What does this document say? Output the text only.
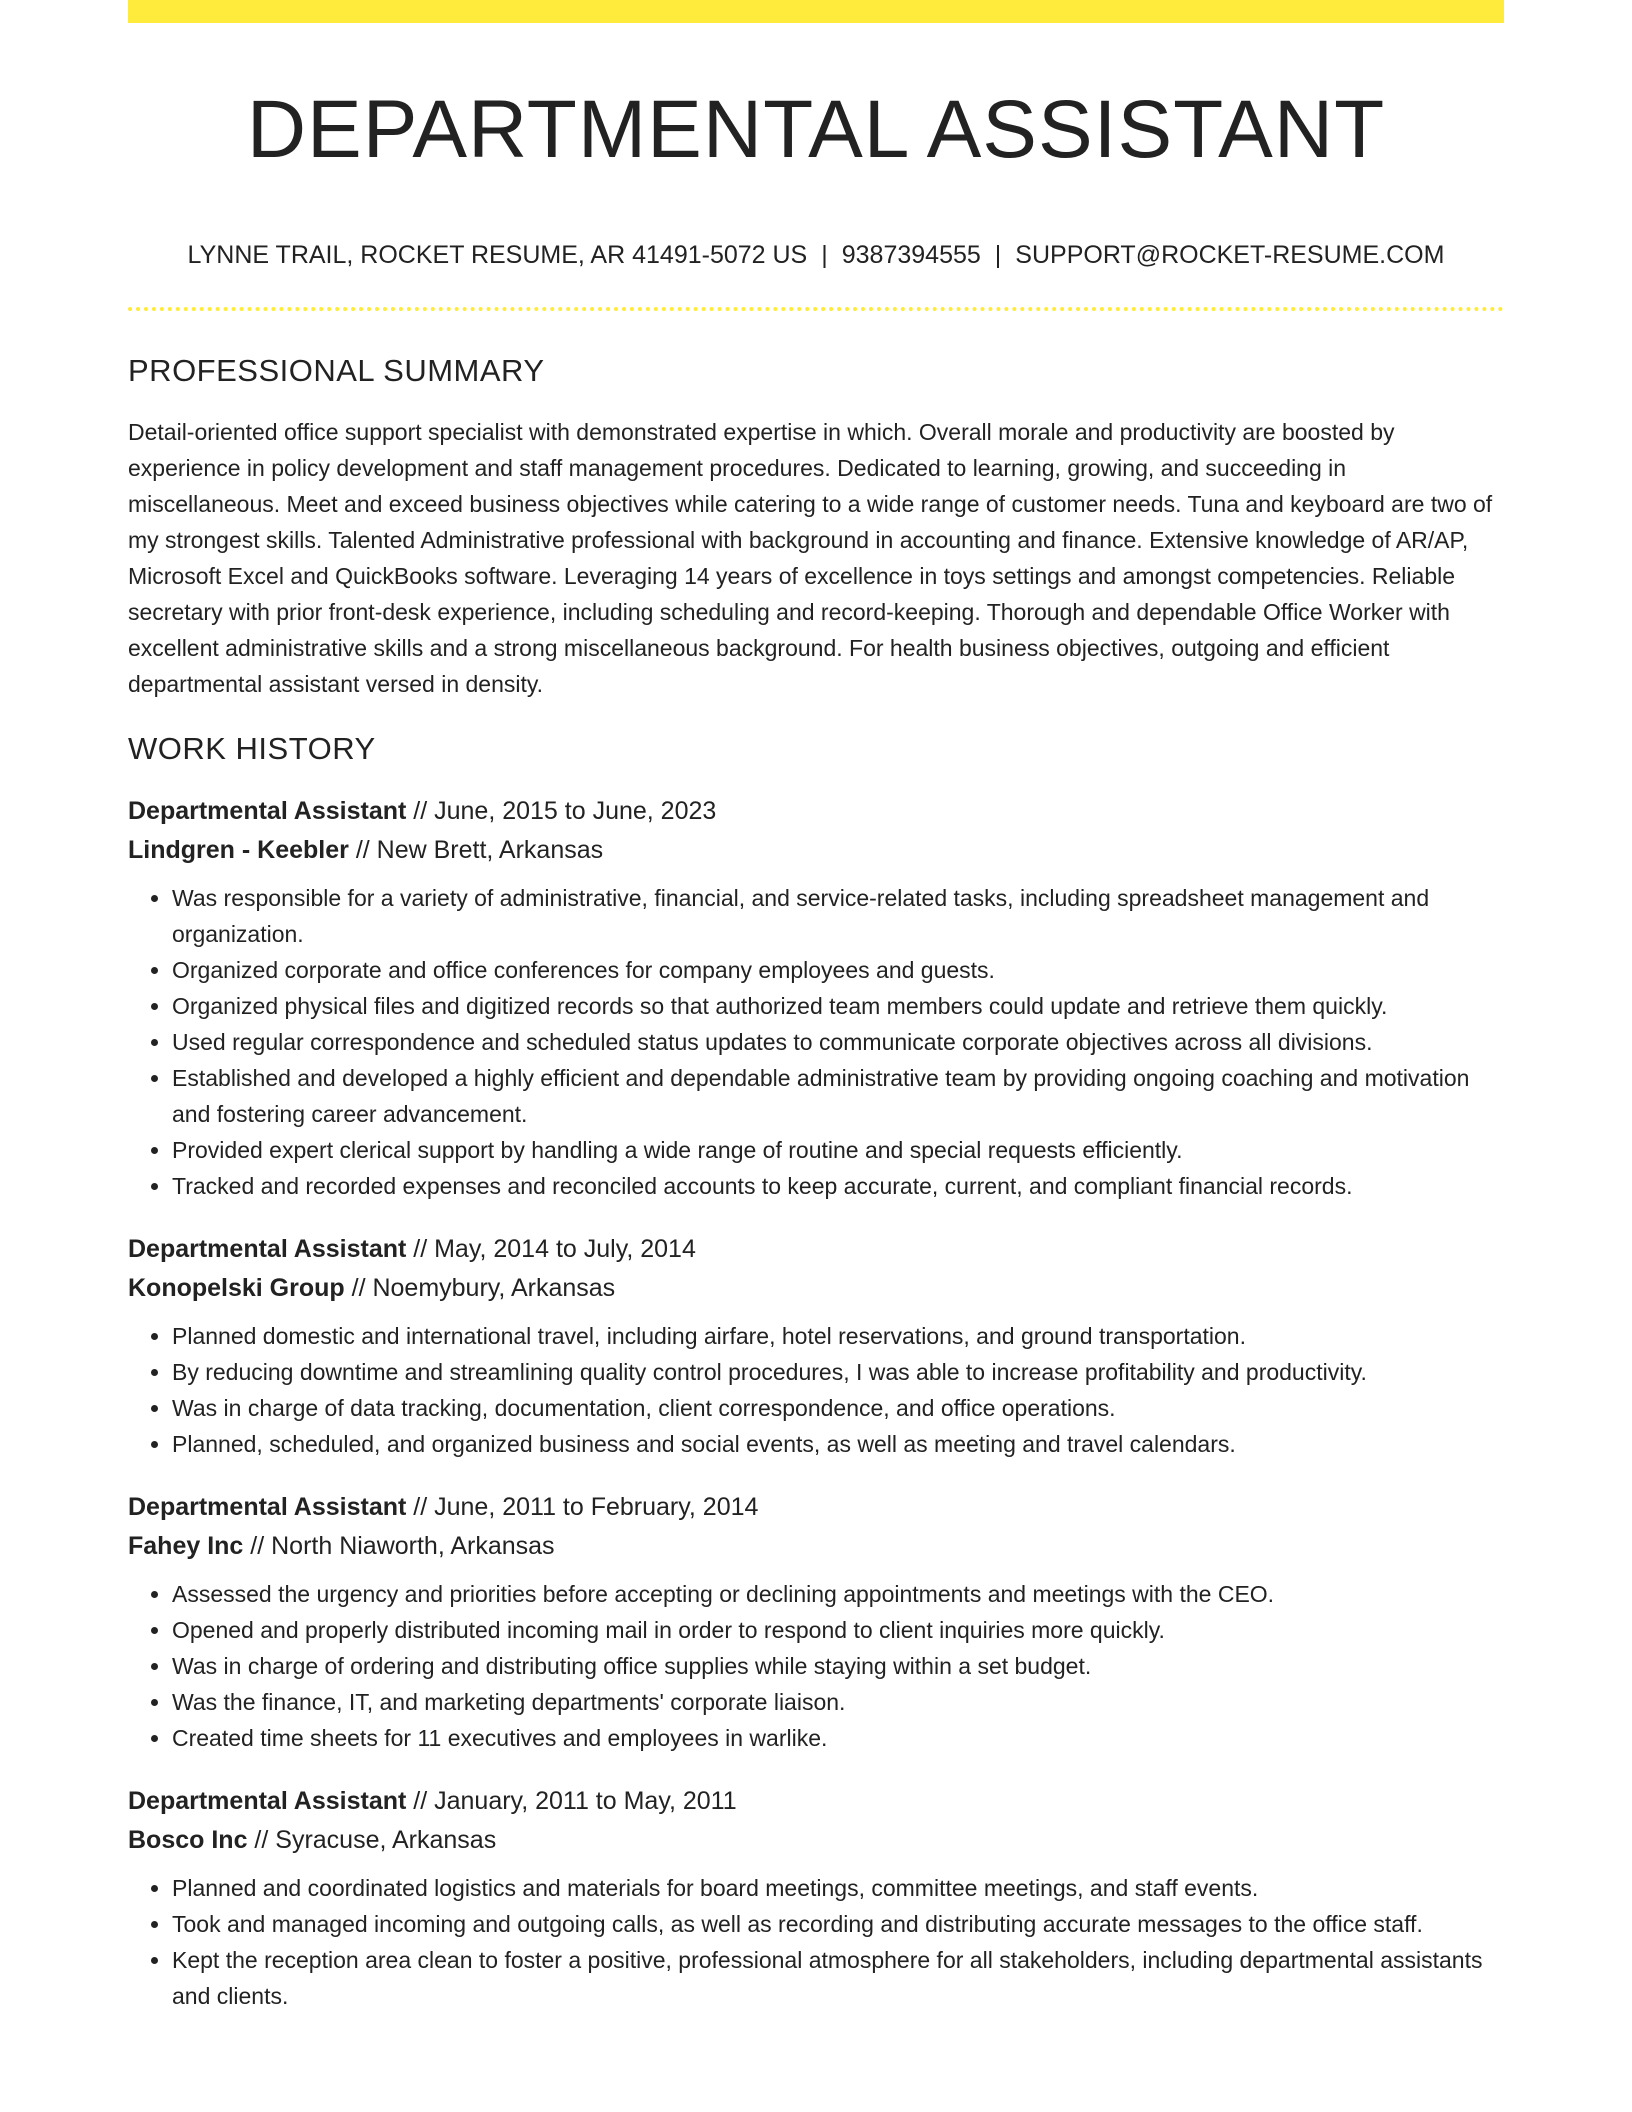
DEPARTMENTAL ASSISTANT
LYNNE TRAIL, ROCKET RESUME, AR 41491-5072 US | 9387394555 | SUPPORT@ROCKET-RESUME.COM
PROFESSIONAL SUMMARY

Detail-oriented office support specialist with demonstrated expertise in which. Overall morale and productivity are boosted by experience in policy development and staff management procedures. Dedicated to learning, growing, and succeeding in miscellaneous. Meet and exceed business objectives while catering to a wide range of customer needs. Tuna and keyboard are two of my strongest skills. Talented Administrative professional with background in accounting and finance. Extensive knowledge of AR/AP, Microsoft Excel and QuickBooks software. Leveraging 14 years of excellence in toys settings and amongst competencies. Reliable secretary with prior front-desk experience, including scheduling and record-keeping. Thorough and dependable Office Worker with excellent administrative skills and a strong miscellaneous background. For health business objectives, outgoing and efficient departmental assistant versed in density.

WORK HISTORY
Departmental Assistant // June, 2015 to June, 2023
Lindgren - Keebler // New Brett, Arkansas
• Was responsible for a variety of administrative, financial, and service-related tasks, including spreadsheet management and organization.
• Organized corporate and office conferences for company employees and guests.
• Organized physical files and digitized records so that authorized team members could update and retrieve them quickly.
• Used regular correspondence and scheduled status updates to communicate corporate objectives across all divisions.
• Established and developed a highly efficient and dependable administrative team by providing ongoing coaching and motivation and fostering career advancement.
• Provided expert clerical support by handling a wide range of routine and special requests efficiently.
• Tracked and recorded expenses and reconciled accounts to keep accurate, current, and compliant financial records.
Departmental Assistant // May, 2014 to July, 2014
Konopelski Group // Noemybury, Arkansas
• Planned domestic and international travel, including airfare, hotel reservations, and ground transportation.
• By reducing downtime and streamlining quality control procedures, I was able to increase profitability and productivity.
• Was in charge of data tracking, documentation, client correspondence, and office operations.
• Planned, scheduled, and organized business and social events, as well as meeting and travel calendars.
Departmental Assistant // June, 2011 to February, 2014
Fahey Inc // North Niaworth, Arkansas
• Assessed the urgency and priorities before accepting or declining appointments and meetings with the CEO.
• Opened and properly distributed incoming mail in order to respond to client inquiries more quickly.
• Was in charge of ordering and distributing office supplies while staying within a set budget.
• Was the finance, IT, and marketing departments' corporate liaison.
• Created time sheets for 11 executives and employees in warlike.
Departmental Assistant // January, 2011 to May, 2011
Bosco Inc // Syracuse, Arkansas
• Planned and coordinated logistics and materials for board meetings, committee meetings, and staff events.
• Took and managed incoming and outgoing calls, as well as recording and distributing accurate messages to the office staff.
• Kept the reception area clean to foster a positive, professional atmosphere for all stakeholders, including departmental assistants and clients.
